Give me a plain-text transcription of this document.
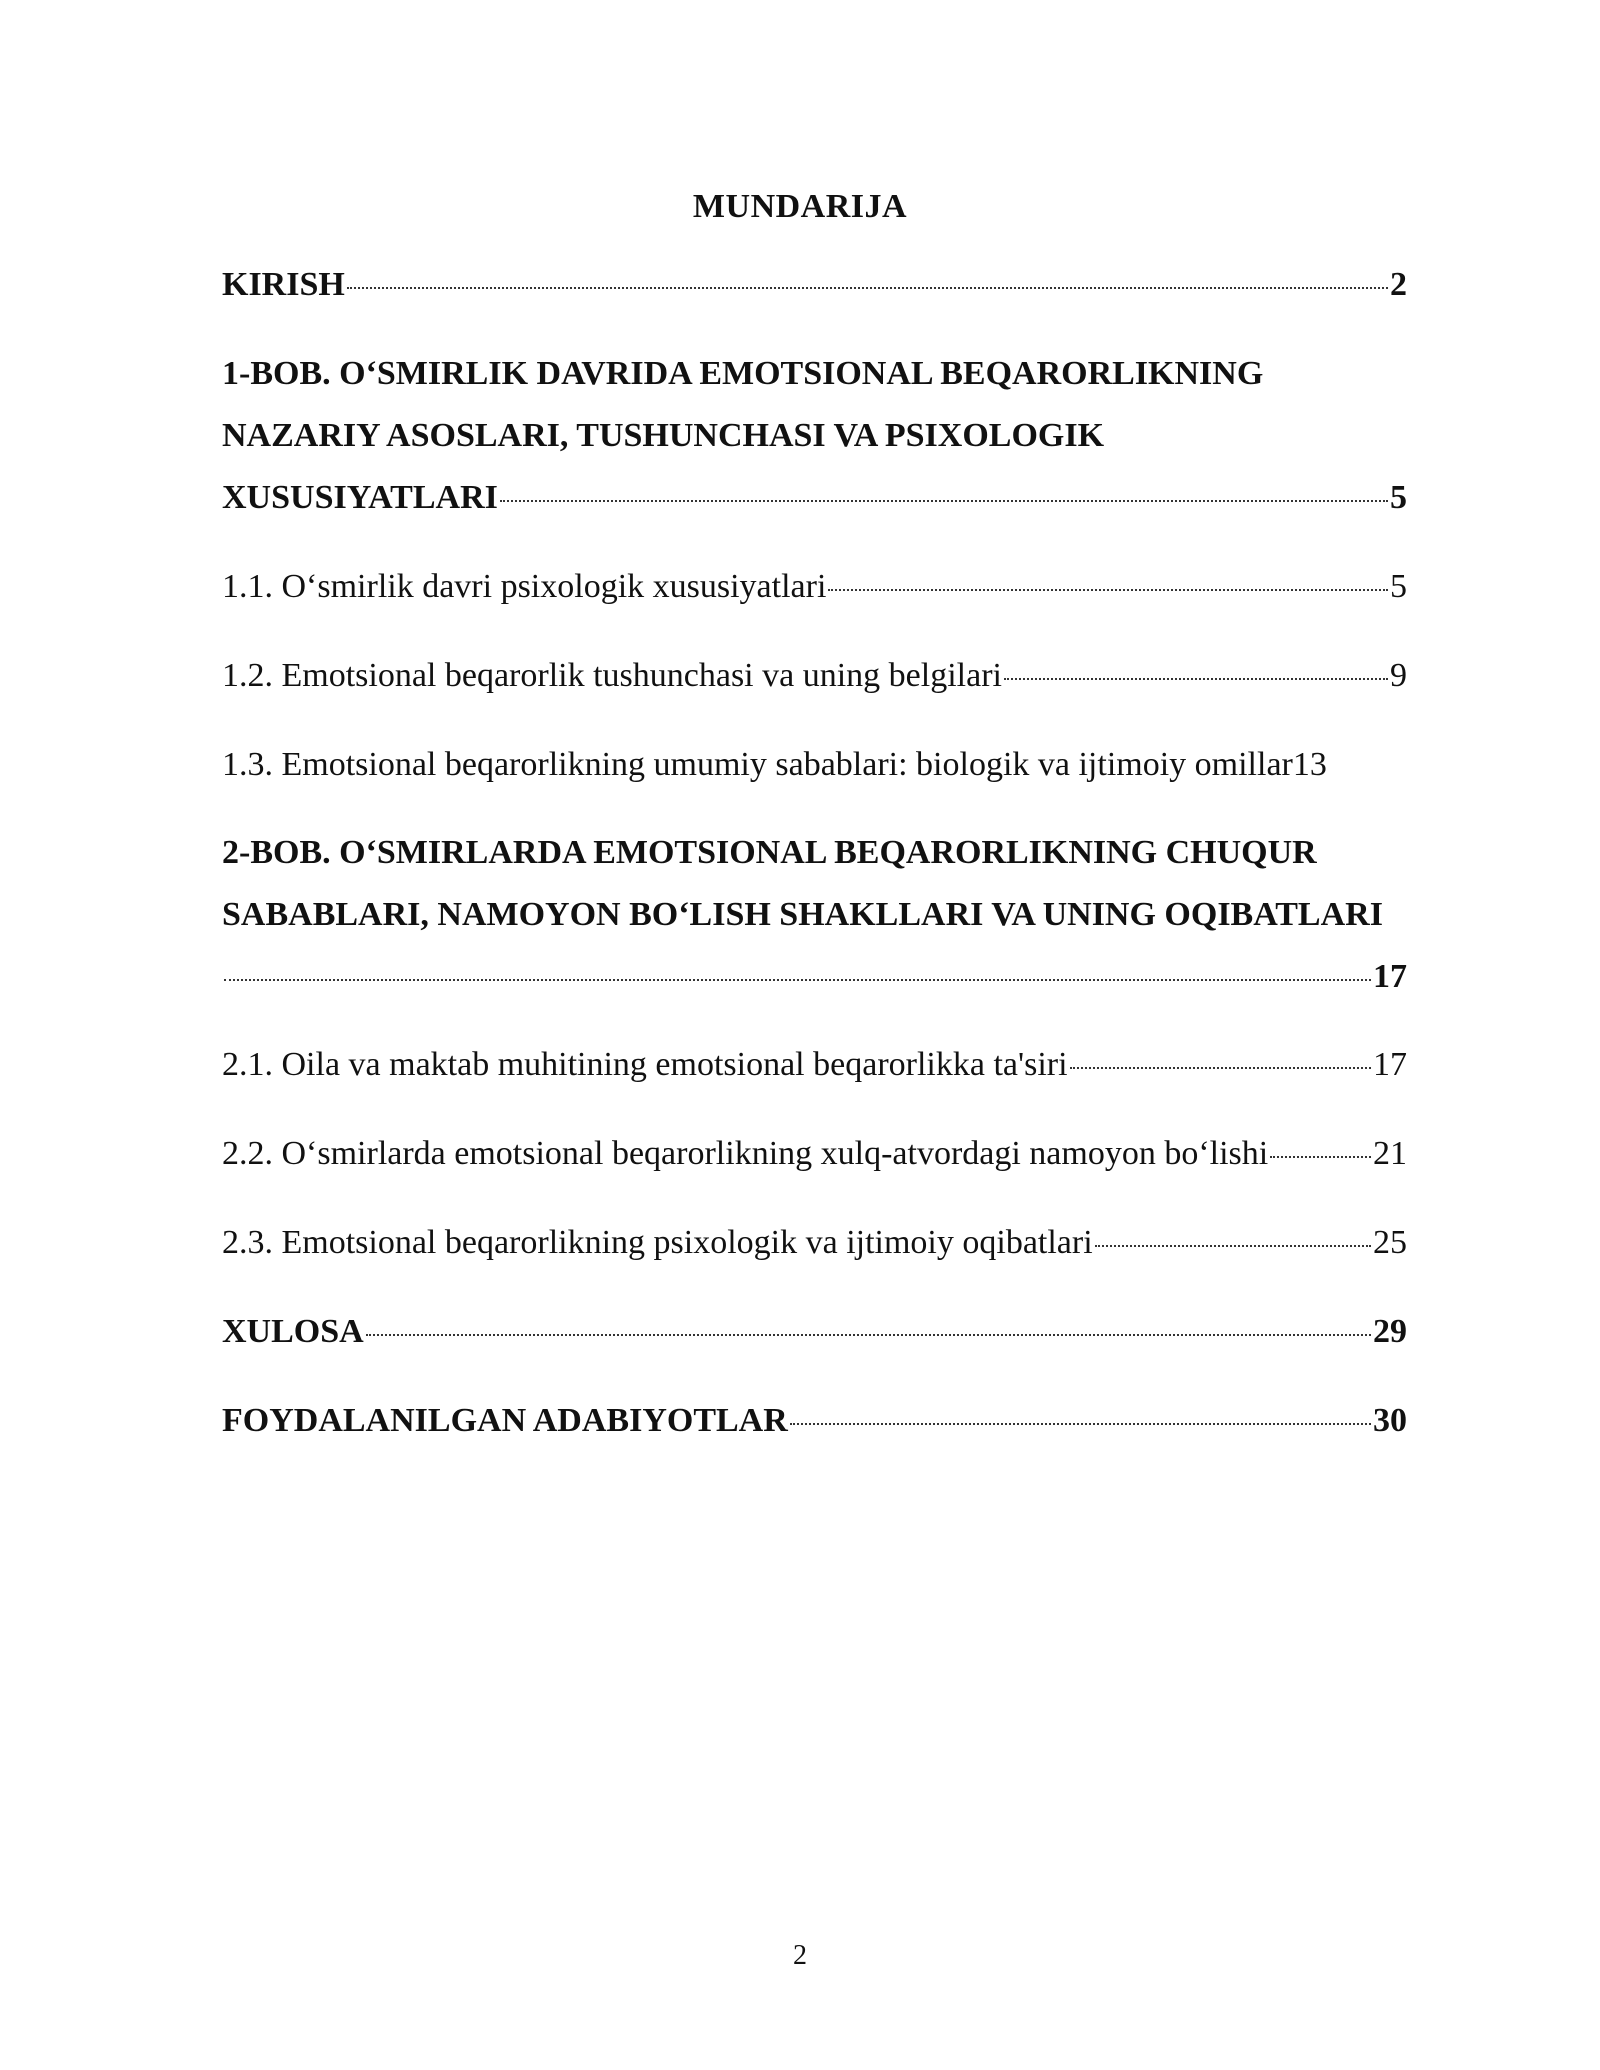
MUNDARIJA
KIRISH	2
1-BOB. O‘SMIRLIK DAVRIDA EMOTSIONAL BEQARORLIKNING
NAZARIY ASOSLARI, TUSHUNCHASI VA PSIXOLOGIK
XUSUSIYATLARI	5
1.1. O‘smirlik davri psixologik xususiyatlari	5
1.2. Emotsional beqarorlik tushunchasi va uning belgilari	9
1.3. Emotsional beqarorlikning umumiy sabablari: biologik va ijtimoiy omillar 13
2-BOB. O‘SMIRLARDA EMOTSIONAL BEQARORLIKNING CHUQUR
SABABLARI, NAMOYON BO‘LISH SHAKLLARI VA UNING OQIBATLARI
17
2.1. Oila va maktab muhitining emotsional beqarorlikka ta'siri	17
2.2. O‘smirlarda emotsional beqarorlikning xulq-atvordagi namoyon bo‘lishi	21
2.3. Emotsional beqarorlikning psixologik va ijtimoiy oqibatlari	25
XULOSA	29
FOYDALANILGAN ADABIYOTLAR	30
2
